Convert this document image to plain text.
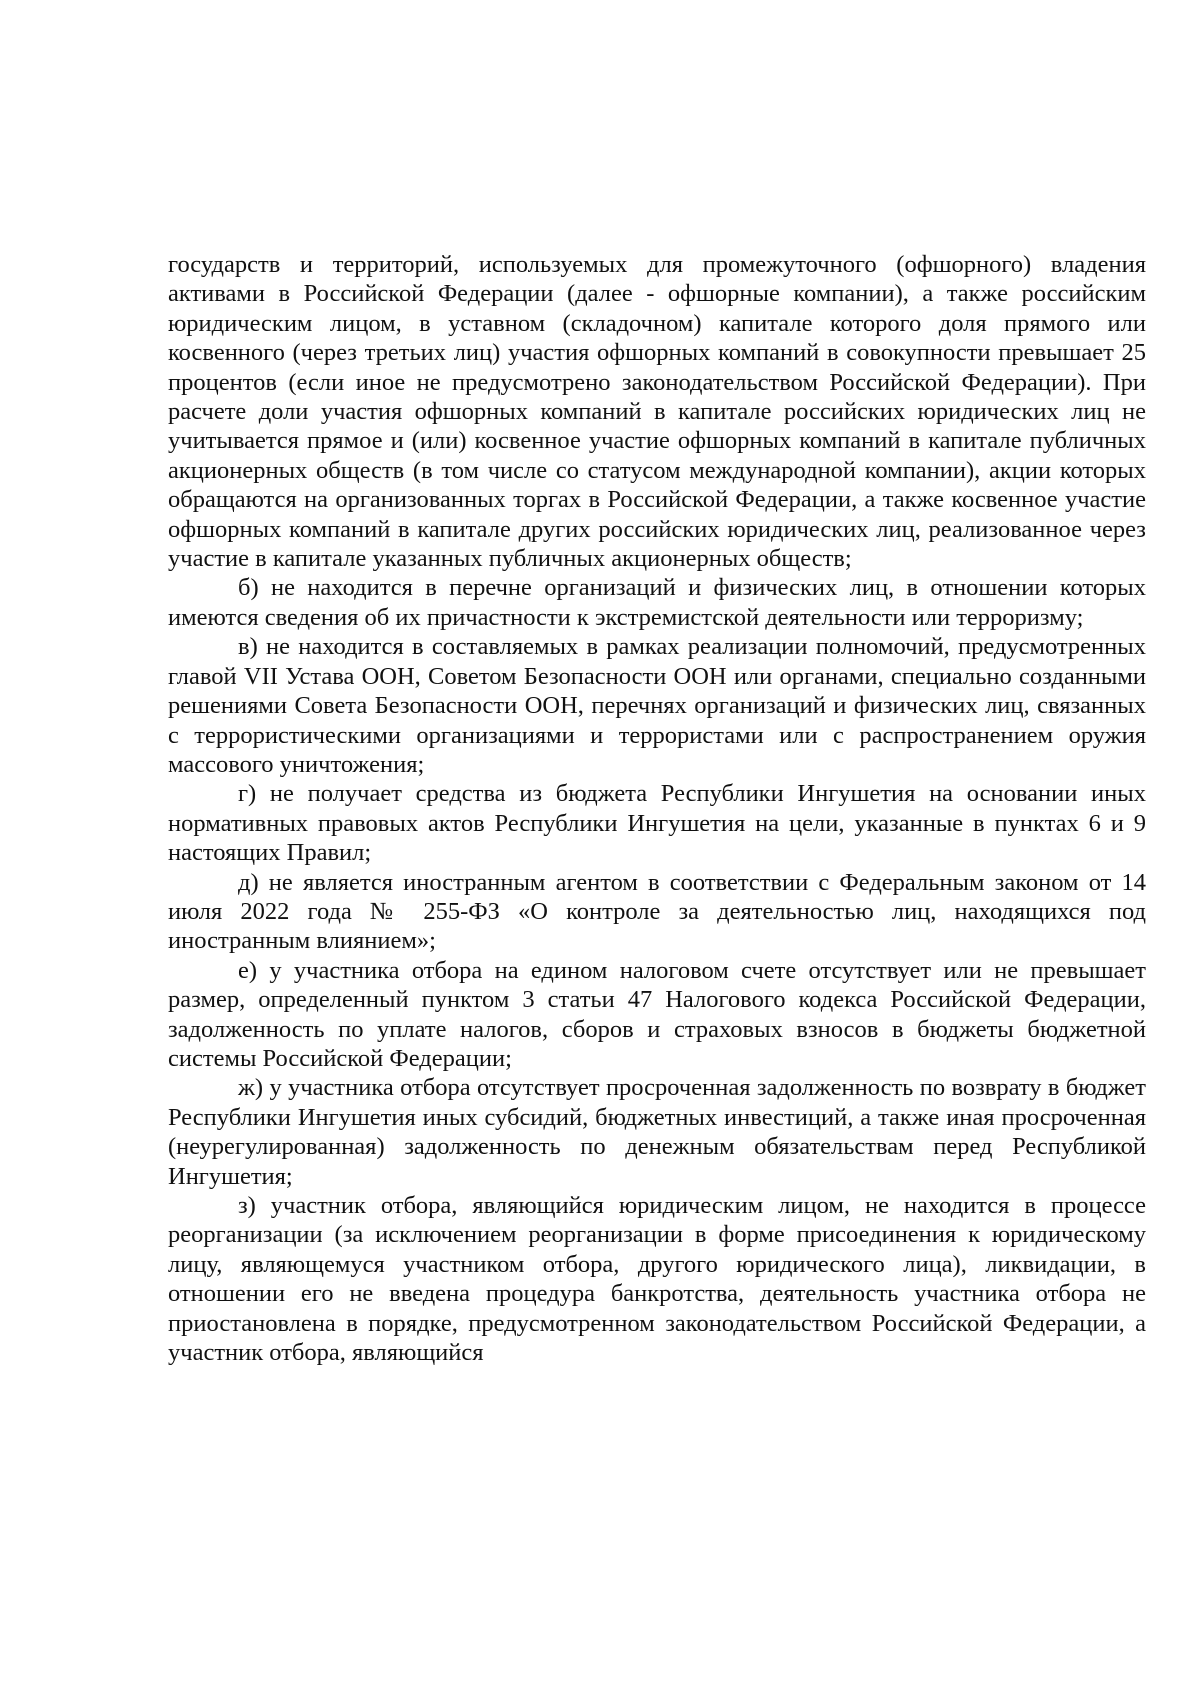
государств и территорий, используемых для промежуточного (офшорного) владения активами в Российской Федерации (далее - офшорные компании), а также российским юридическим лицом, в уставном (складочном) капитале которого доля прямого или косвенного (через третьих лиц) участия офшорных компаний в совокупности превышает 25 процентов (если иное не предусмотрено законодательством Российской Федерации). При расчете доли участия офшорных компаний в капитале российских юридических лиц не учитывается прямое и (или) косвенное участие офшорных компаний в капитале публичных акционерных обществ (в том числе со статусом международной компании), акции которых обращаются на организованных торгах в Российской Федерации, а также косвенное участие офшорных компаний в капитале других российских юридических лиц, реализованное через участие в капитале указанных публичных акционерных обществ;

б) не находится в перечне организаций и физических лиц, в отношении которых имеются сведения об их причастности к экстремистской деятельности или терроризму;

в) не находится в составляемых в рамках реализации полномочий, предусмотренных главой VII Устава ООН, Советом Безопасности ООН или органами, специально созданными решениями Совета Безопасности ООН, перечнях организаций и физических лиц, связанных с террористическими организациями и террористами или с распространением оружия массового уничтожения;

г) не получает средства из бюджета Республики Ингушетия на основании иных нормативных правовых актов Республики Ингушетия на цели, указанные в пунктах 6 и 9 настоящих Правил;

д) не является иностранным агентом в соответствии с Федеральным законом от 14 июля 2022 года № 255-ФЗ «О контроле за деятельностью лиц, находящихся под иностранным влиянием»;

е) у участника отбора на едином налоговом счете отсутствует или не превышает размер, определенный пунктом 3 статьи 47 Налогового кодекса Российской Федерации, задолженность по уплате налогов, сборов и страховых взносов в бюджеты бюджетной системы Российской Федерации;

ж) у участника отбора отсутствует просроченная задолженность по возврату в бюджет Республики Ингушетия иных субсидий, бюджетных инвестиций, а также иная просроченная (неурегулированная) задолженность по денежным обязательствам перед Республикой Ингушетия;

з) участник отбора, являющийся юридическим лицом, не находится в процессе реорганизации (за исключением реорганизации в форме присоединения к юридическому лицу, являющемуся участником отбора, другого юридического лица), ликвидации, в отношении его не введена процедура банкротства, деятельность участника отбора не приостановлена в порядке, предусмотренном законодательством Российской Федерации, а участник отбора, являющийся
